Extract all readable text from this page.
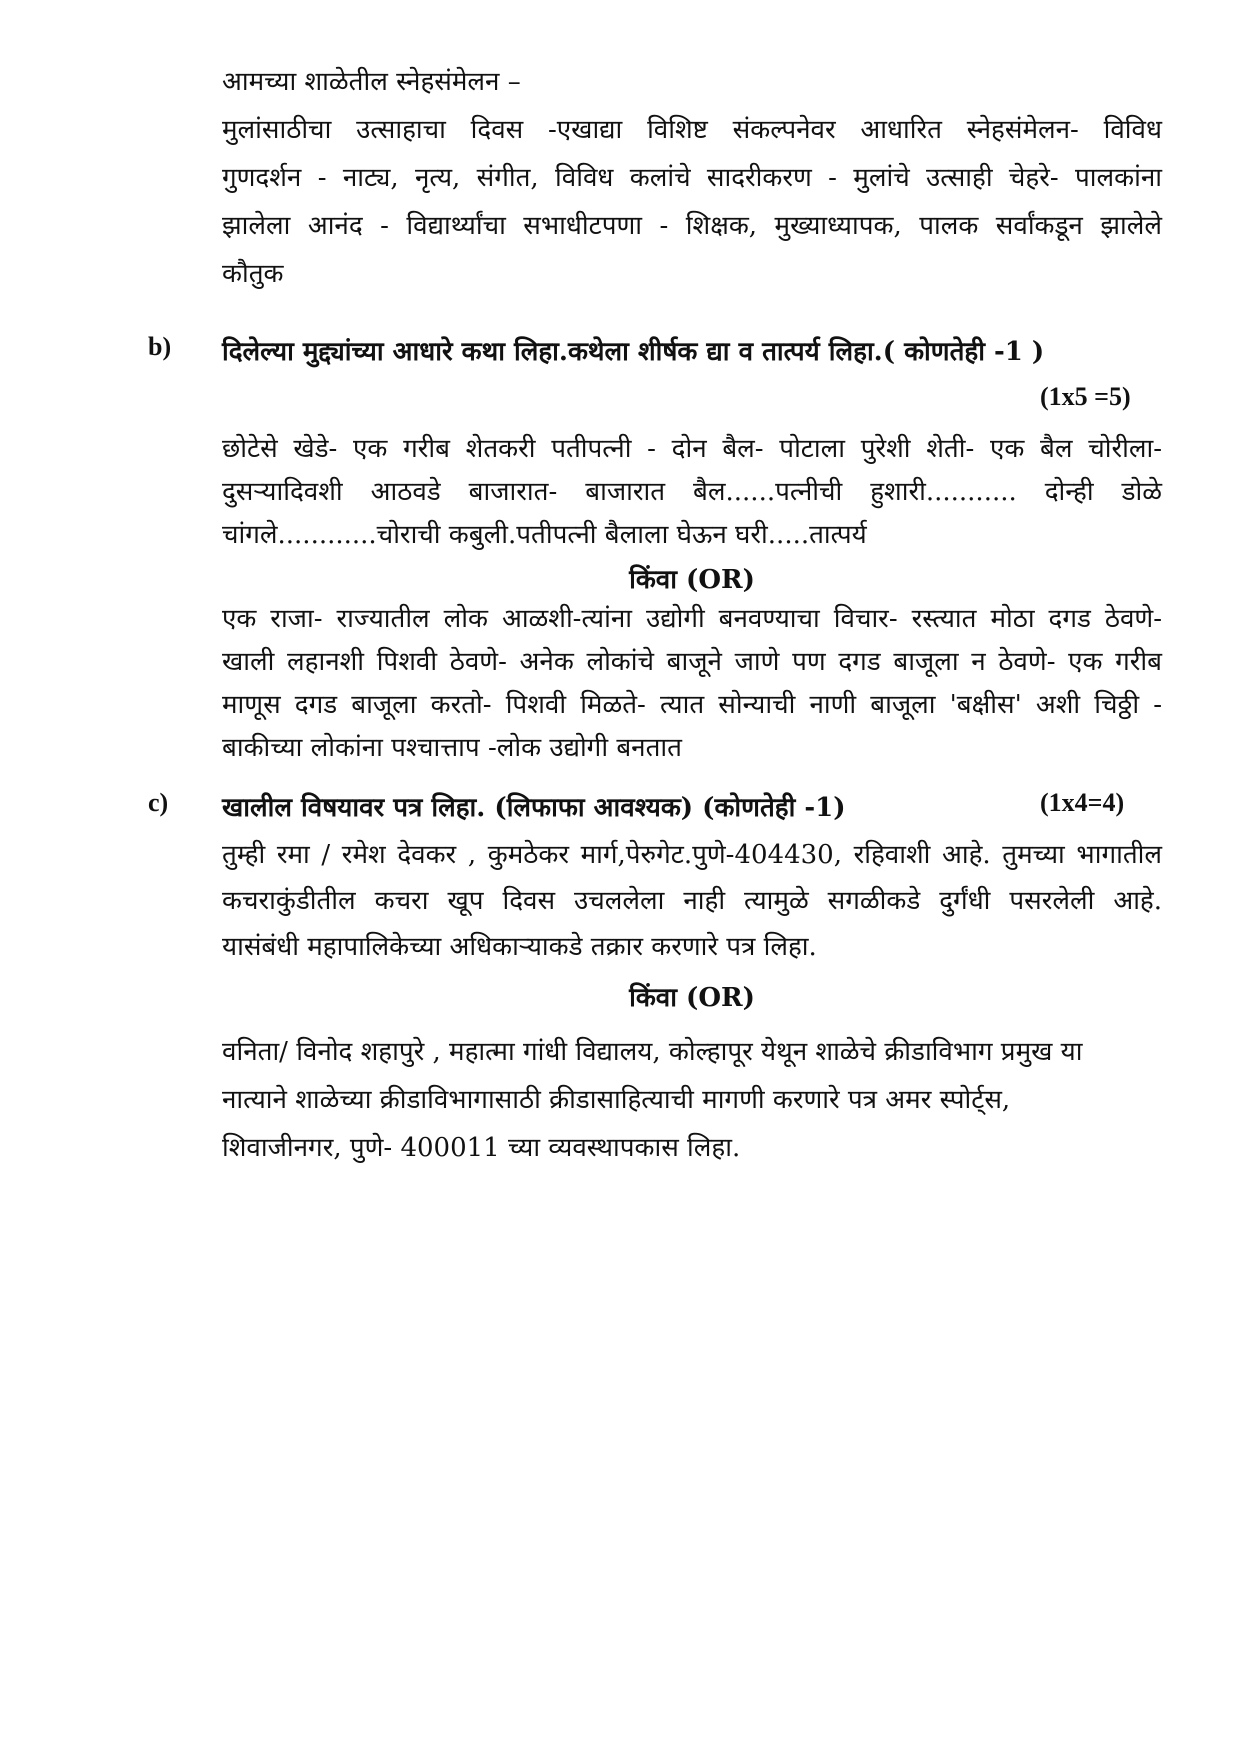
आमच्या शाळेतील स्नेहसंमेलन –
मुलांसाठीचा उत्साहाचा दिवस -एखाद्या विशिष्ट संकल्पनेवर आधारित स्नेहसंमेलन- विविध
गुणदर्शन - नाट्य, नृत्य, संगीत, विविध कलांचे सादरीकरण - मुलांचे उत्साही चेहरे- पालकांना
झालेला आनंद - विद्यार्थ्यांचा सभाधीटपणा - शिक्षक, मुख्याध्यापक, पालक सर्वांकडून झालेले
कौतुक
b) दिलेल्या मुद्द्यांच्या आधारे कथा लिहा.कथेला शीर्षक द्या व तात्पर्य लिहा.( कोणतेही -1 )
(1x5 =5)
छोटेसे खेडे- एक गरीब शेतकरी पतीपत्नी - दोन बैल- पोटाला पुरेशी शेती- एक बैल चोरीला-
दुसऱ्यादिवशी आठवडे बाजारात- बाजारात बैल......पत्नीची हुशारी........... दोन्ही डोळे
चांगले............चोराची कबुली.पतीपत्नी बैलाला घेऊन घरी.....तात्पर्य
किंवा (OR)
एक राजा- राज्यातील लोक आळशी-त्यांना उद्योगी बनवण्याचा विचार- रस्त्यात मोठा दगड ठेवणे-
खाली लहानशी पिशवी ठेवणे- अनेक लोकांचे बाजूने जाणे पण दगड बाजूला न ठेवणे- एक गरीब
माणूस दगड बाजूला करतो- पिशवी मिळते- त्यात सोन्याची नाणी बाजूला 'बक्षीस' अशी चिठ्ठी -
बाकीच्या लोकांना पश्चात्ताप -लोक उद्योगी बनतात
c) खालील विषयावर पत्र लिहा. (लिफाफा आवश्यक) (कोणतेही -1)	(1x4=4)
तुम्ही रमा / रमेश देवकर , कुमठेकर मार्ग,पेरुगेट.पुणे-404430, रहिवाशी आहे. तुमच्या भागातील
कचराकुंडीतील कचरा खूप दिवस उचललेला नाही त्यामुळे सगळीकडे दुर्गंधी पसरलेली आहे.
यासंबंधी महापालिकेच्या अधिकाऱ्याकडे तक्रार करणारे पत्र लिहा.
किंवा (OR)
वनिता/ विनोद शहापुरे , महात्मा गांधी विद्यालय, कोल्हापूर येथून शाळेचे क्रीडाविभाग प्रमुख या
नात्याने शाळेच्या क्रीडाविभागासाठी क्रीडासाहित्याची मागणी करणारे पत्र अमर स्पोर्ट्स,
शिवाजीनगर, पुणे- 400011 च्या व्यवस्थापकास लिहा.
